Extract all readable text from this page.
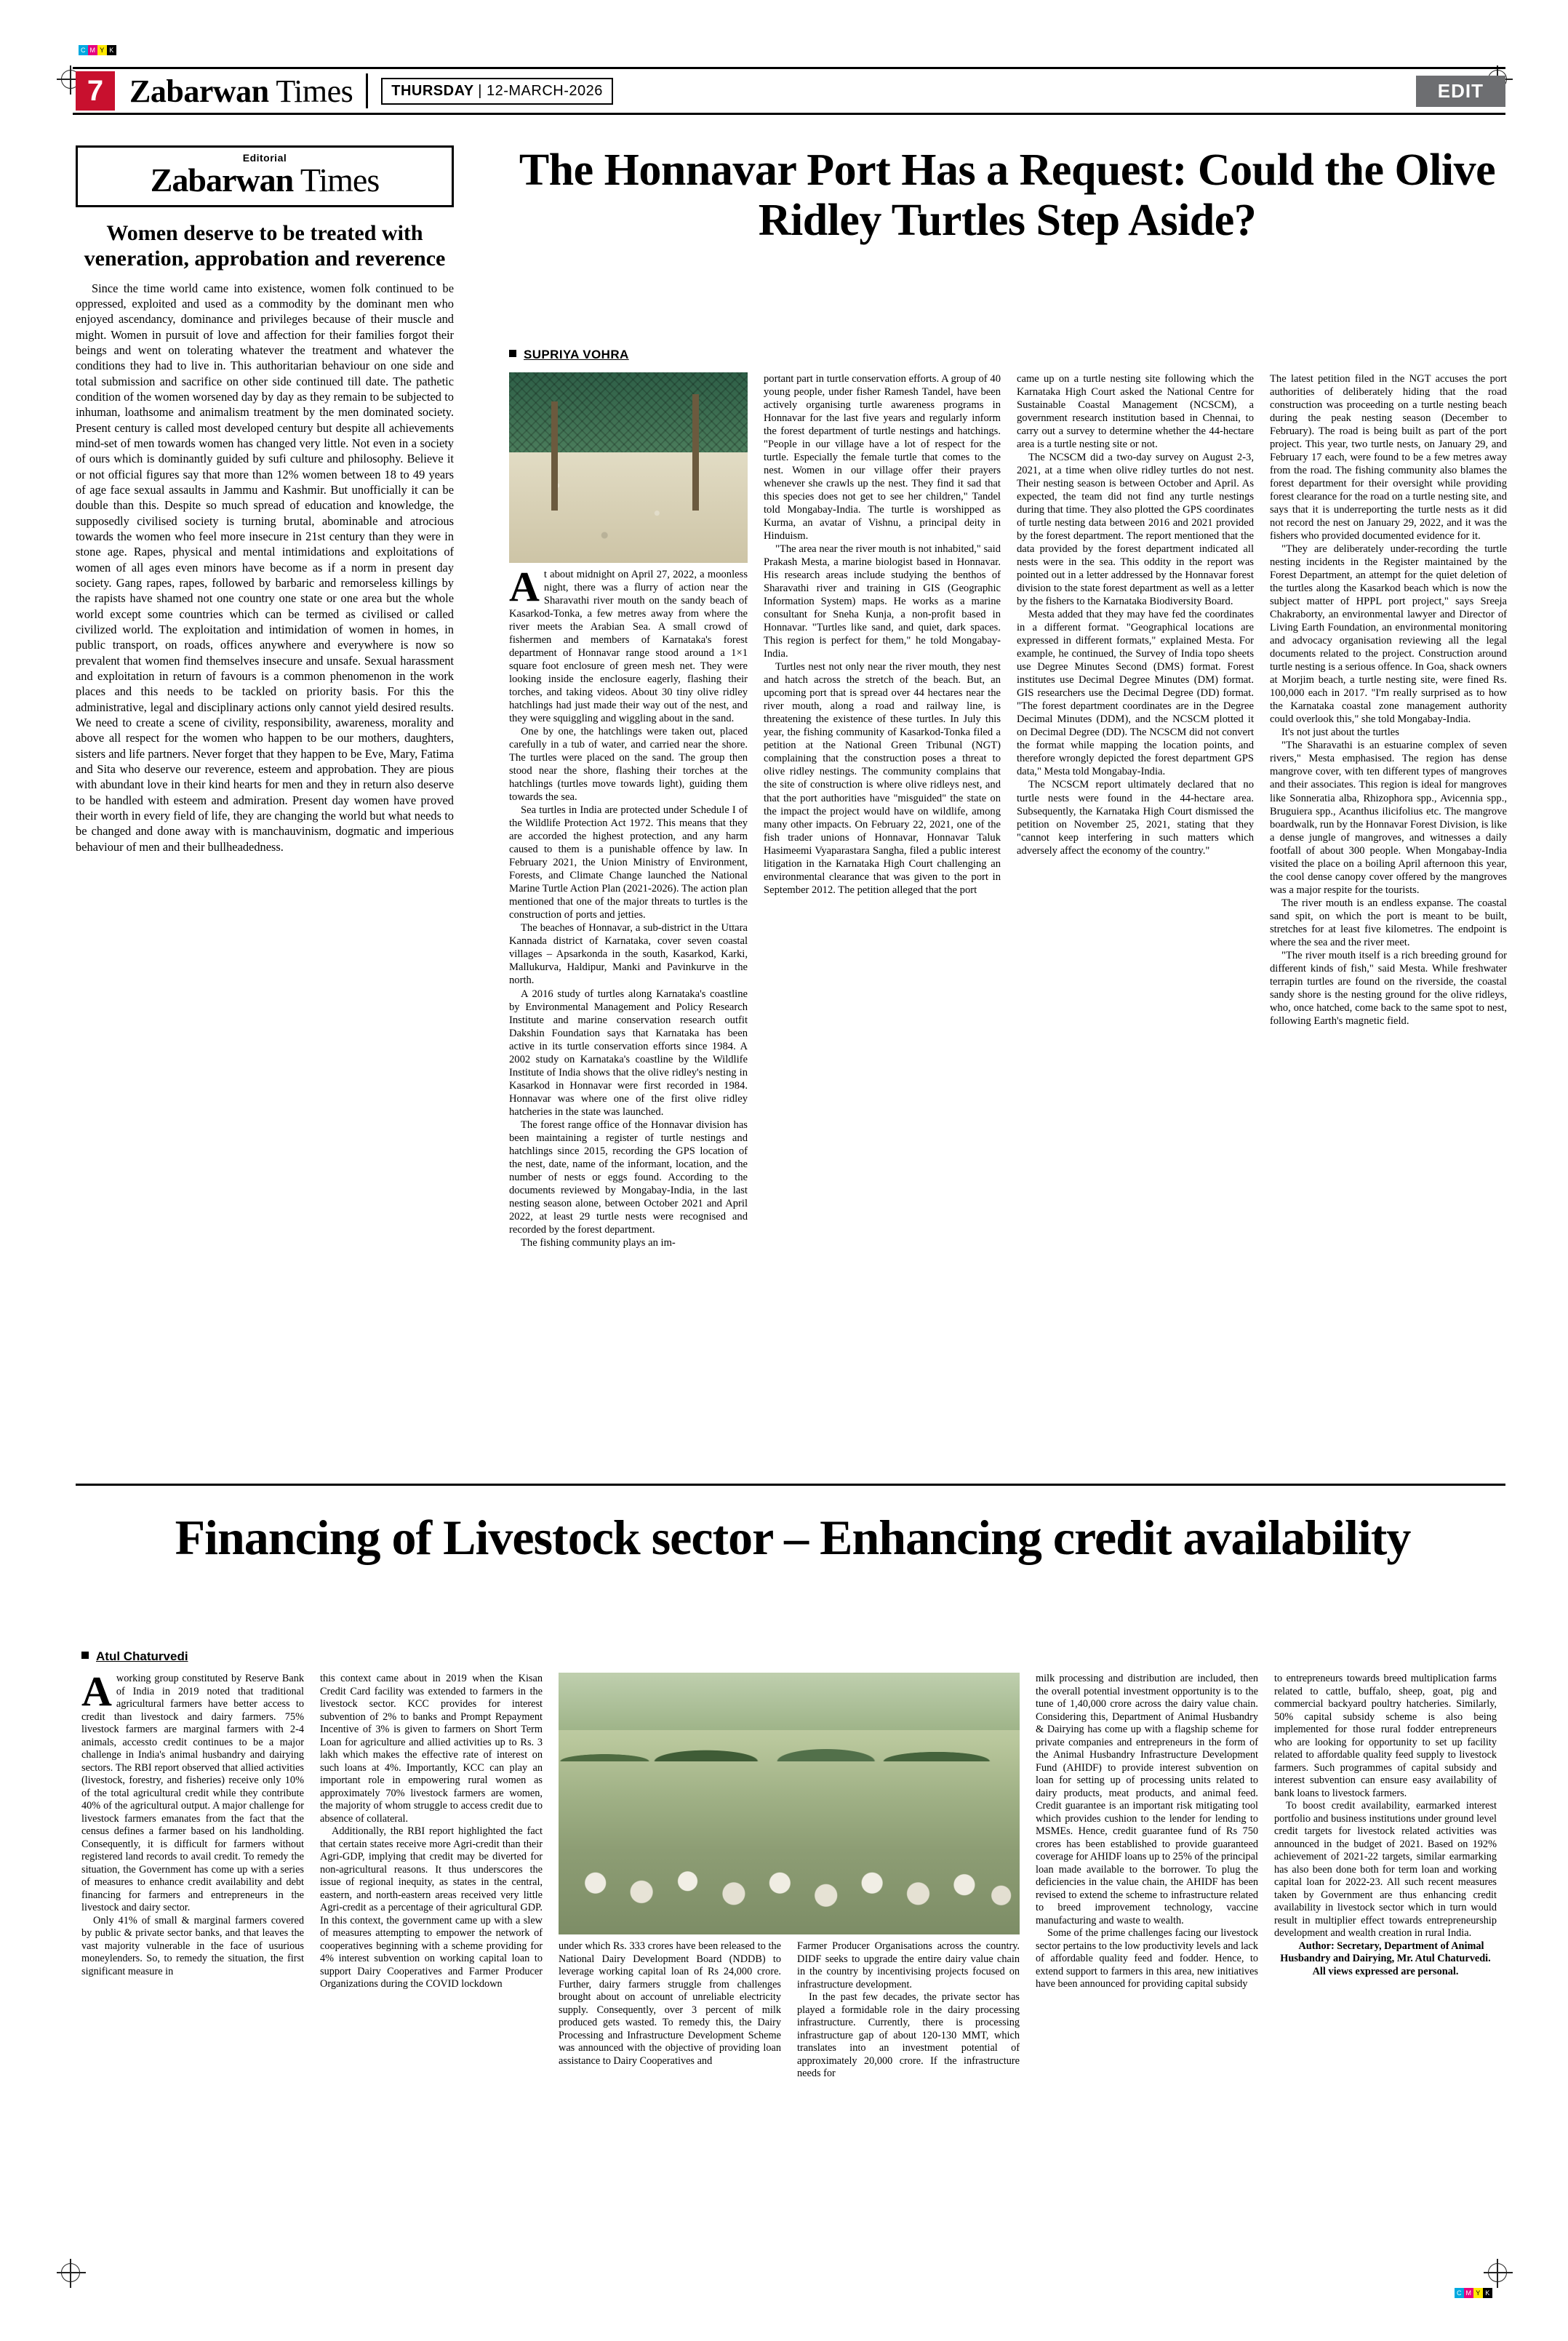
C M Y K
C M Y K
7 Zabarwan Times	THURSDAY | 12-MARCH-2026	EDIT
Editorial
Zabarwan Times
Women deserve to be treated with veneration, approbation and reverence

Since the time world came into existence, women folk continued to be oppressed, exploited and used as a commodity by the dominant men who enjoyed ascendancy, dominance and privileges because of their muscle and might. Women in pursuit of love and affection for their families forgot their beings and went on tolerating whatever the treatment and whatever the conditions they had to live in. This authoritarian behaviour on one side and total submission and sacrifice on other side continued till date. The pathetic condition of the women worsened day by day as they remain to be subjected to inhuman, loathsome and animalism treatment by the men dominated society. Present century is called most developed century but despite all achievements mind-set of men towards women has changed very little. Not even in a society of ours which is dominantly guided by sufi culture and philosophy. Believe it or not official figures say that more than 12% women between 18 to 49 years of age face sexual assaults in Jammu and Kashmir. But unofficially it can be double than this. Despite so much spread of education and knowledge, the supposedly civilised society is turning brutal, abominable and atrocious towards the women who feel more insecure in 21st century than they were in stone age. Rapes, physical and mental intimidations and exploitations of women of all ages even minors have become as if a norm in present day society. Gang rapes, rapes, followed by barbaric and remorseless killings by the rapists have shamed not one country one state or one area but the whole world except some countries which can be termed as civilised or called civilized world. The exploitation and intimidation of women in homes, in public transport, on roads, offices anywhere and everywhere is now so prevalent that women find themselves insecure and unsafe. Sexual harassment and exploitation in return of favours is a common phenomenon in the work places and this needs to be tackled on priority basis. For this the administrative, legal and disciplinary actions only cannot yield desired results. We need to create a scene of civility, responsibility, awareness, morality and above all respect for the women who happen to be our mothers, daughters, sisters and life partners. Never forget that they happen to be Eve, Mary, Fatima and Sita who deserve our reverence, esteem and approbation. They are pious with abundant love in their kind hearts for men and they in return also deserve to be handled with esteem and admiration. Present day women have proved their worth in every field of life, they are changing the world but what needs to be changed and done away with is manchauvinism, dogmatic and imperious behaviour of men and their bullheadedness.

The Honnavar Port Has a Request: Could the Olive Ridley Turtles Step Aside?
SUPRIYA VOHRA

At about midnight on April 27, 2022, a moonless night, there was a flurry of action near the Sharavathi river mouth on the sandy beach of Kasarkod-Tonka, a few metres away from where the river meets the Arabian Sea. A small crowd of fishermen and members of Karnataka's forest department of Honnavar range stood around a 1×1 square foot enclosure of green mesh net. They were looking inside the enclosure eagerly, flashing their torches, and taking videos. About 30 tiny olive ridley hatchlings had just made their way out of the nest, and they were squiggling and wiggling about in the sand.

One by one, the hatchlings were taken out, placed carefully in a tub of water, and carried near the shore. The turtles were placed on the sand. The group then stood near the shore, flashing their torches at the hatchlings (turtles move towards light), guiding them towards the sea.

Sea turtles in India are protected under Schedule I of the Wildlife Protection Act 1972. This means that they are accorded the highest protection, and any harm caused to them is a punishable offence by law. In February 2021, the Union Ministry of Environment, Forests, and Climate Change launched the National Marine Turtle Action Plan (2021-2026). The action plan mentioned that one of the major threats to turtles is the construction of ports and jetties.

The beaches of Honnavar, a sub-district in the Uttara Kannada district of Karnataka, cover seven coastal villages – Apsarkonda in the south, Kasarkod, Karki, Mallukurva, Haldipur, Manki and Pavinkurve in the north.

A 2016 study of turtles along Karnataka's coastline by Environmental Management and Policy Research Institute and marine conservation research outfit Dakshin Foundation says that Karnataka has been active in its turtle conservation efforts since 1984. A 2002 study on Karnataka's coastline by the Wildlife Institute of India shows that the olive ridley's nesting in Kasarkod in Honnavar were first recorded in 1984. Honnavar was where one of the first olive ridley hatcheries in the state was launched.

The forest range office of the Honnavar division has been maintaining a register of turtle nestings and hatchlings since 2015, recording the GPS location of the nest, date, name of the informant, location, and the number of nests or eggs found. According to the documents reviewed by Mongabay-India, in the last nesting season alone, between October 2021 and April 2022, at least 29 turtle nests were recognised and recorded by the forest department.

The fishing community plays an im-

portant part in turtle conservation efforts. A group of 40 young people, under fisher Ramesh Tandel, have been actively organising turtle awareness programs in Honnavar for the last five years and regularly inform the forest department of turtle nestings and hatchings. "People in our village have a lot of respect for the turtle. Especially the female turtle that comes to the nest. Women in our village offer their prayers whenever she crawls up the nest. They find it sad that this species does not get to see her children," Tandel told Mongabay-India. The turtle is worshipped as Kurma, an avatar of Vishnu, a principal deity in Hinduism.

"The area near the river mouth is not inhabited," said Prakash Mesta, a marine biologist based in Honnavar. His research areas include studying the benthos of Sharavathi river and training in GIS (Geographic Information System) maps. He works as a marine consultant for Sneha Kunja, a non-profit based in Honnavar. "Turtles like sand, and quiet, dark spaces. This region is perfect for them," he told Mongabay-India.

Turtles nest not only near the river mouth, they nest and hatch across the stretch of the beach. But, an upcoming port that is spread over 44 hectares near the river mouth, along a road and railway line, is threatening the existence of these turtles. In July this year, the fishing community of Kasarkod-Tonka filed a petition at the National Green Tribunal (NGT) complaining that the construction poses a threat to olive ridley nestings. The community complains that the site of construction is where olive ridleys nest, and that the port authorities have "misguided" the state on the impact the project would have on wildlife, among many other impacts. On February 22, 2021, one of the fish trader unions of Honnavar, Honnavar Taluk Hasimeemi Vyaparastara Sangha, filed a public interest litigation in the Karnataka High Court challenging an environmental clearance that was given to the port in September 2012. The petition alleged that the port

came up on a turtle nesting site following which the Karnataka High Court asked the National Centre for Sustainable Coastal Management (NCSCM), a government research institution based in Chennai, to carry out a survey to determine whether the 44-hectare area is a turtle nesting site or not.

The NCSCM did a two-day survey on August 2-3, 2021, at a time when olive ridley turtles do not nest. Their nesting season is between October and April. As expected, the team did not find any turtle nestings during that time. They also plotted the GPS coordinates of turtle nesting data between 2016 and 2021 provided by the forest department. The report mentioned that the data provided by the forest department indicated all nests were in the sea. This oddity in the report was pointed out in a letter addressed by the Honnavar forest division to the state forest department as well as a letter by the fishers to the Karnataka Biodiversity Board.

Mesta added that they may have fed the coordinates in a different format. "Geographical locations are expressed in different formats," explained Mesta. For example, he continued, the Survey of India topo sheets use Degree Minutes Second (DMS) format. Forest institutes use Decimal Degree Minutes (DM) format. GIS researchers use the Decimal Degree (DD) format. "The forest department coordinates are in the Degree Decimal Minutes (DDM), and the NCSCM plotted it on Decimal Degree (DD). The NCSCM did not convert the format while mapping the location points, and therefore wrongly depicted the forest department GPS data," Mesta told Mongabay-India.

The NCSCM report ultimately declared that no turtle nests were found in the 44-hectare area. Subsequently, the Karnataka High Court dismissed the petition on November 25, 2021, stating that they "cannot keep interfering in such matters which adversely affect the economy of the country."

The latest petition filed in the NGT accuses the port authorities of deliberately hiding that the road construction was proceeding on a turtle nesting beach during the peak nesting season (December to February). The road is being built as part of the port project. This year, two turtle nests, on January 29, and February 17 each, were found to be a few metres away from the road. The fishing community also blames the forest department for their oversight while providing forest clearance for the road on a turtle nesting site, and says that it is underreporting the turtle nests as it did not record the nest on January 29, 2022, and it was the fishers who provided documented evidence for it.

"They are deliberately under-recording the turtle nesting incidents in the Register maintained by the Forest Department, an attempt for the quiet deletion of the turtles along the Kasarkod beach which is now the subject matter of HPPL port project," says Sreeja Chakraborty, an environmental lawyer and Director of Living Earth Foundation, an environmental monitoring and advocacy organisation reviewing all the legal documents related to the project. Construction around turtle nesting is a serious offence. In Goa, shack owners at Morjim beach, a turtle nesting site, were fined Rs. 100,000 each in 2017. "I'm really surprised as to how the Karnataka coastal zone management authority could overlook this," she told Mongabay-India.

It's not just about the turtles

"The Sharavathi is an estuarine complex of seven rivers," Mesta emphasised. The region has dense mangrove cover, with ten different types of mangroves and their associates. This region is ideal for mangroves like Sonneratia alba, Rhizophora spp., Avicennia spp., Bruguiera spp., Acanthus ilicifolius etc. The mangrove boardwalk, run by the Honnavar Forest Division, is like a dense jungle of mangroves, and witnesses a daily footfall of about 300 people. When Mongabay-India visited the place on a boiling April afternoon this year, the cool dense canopy cover offered by the mangroves was a major respite for the tourists.

The river mouth is an endless expanse. The coastal sand spit, on which the port is meant to be built, stretches for at least five kilometres. The endpoint is where the sea and the river meet.

"The river mouth itself is a rich breeding ground for different kinds of fish," said Mesta. While freshwater terrapin turtles are found on the riverside, the coastal sandy shore is the nesting ground for the olive ridleys, who, once hatched, come back to the same spot to nest, following Earth's magnetic field.

Financing of Livestock sector – Enhancing credit availability
Atul Chaturvedi

Aworking group constituted by Reserve Bank of India in 2019 noted that traditional agricultural farmers have better access to credit than livestock and dairy farmers. 75% livestock farmers are marginal farmers with 2-4 animals, accessto credit continues to be a major challenge in India's animal husbandry and dairying sectors. The RBI report observed that allied activities (livestock, forestry, and fisheries) receive only 10% of the total agricultural credit while they contribute 40% of the agricultural output. A major challenge for livestock farmers emanates from the fact that the census defines a farmer based on his landholding. Consequently, it is difficult for farmers without registered land records to avail credit. To remedy the situation, the Government has come up with a series of measures to enhance credit availability and debt financing for farmers and entrepreneurs in the livestock and dairy sector.

Only 41% of small & marginal farmers covered by public & private sector banks, and that leaves the vast majority vulnerable in the face of usurious moneylenders. So, to remedy the situation, the first significant measure in

this context came about in 2019 when the Kisan Credit Card facility was extended to farmers in the livestock sector. KCC provides for interest subvention of 2% to banks and Prompt Repayment Incentive of 3% is given to farmers on Short Term Loan for agriculture and allied activities up to Rs. 3 lakh which makes the effective rate of interest on such loans at 4%. Importantly, KCC can play an important role in empowering rural women as approximately 70% livestock farmers are women, the majority of whom struggle to access credit due to absence of collateral.

Additionally, the RBI report highlighted the fact that certain states receive more Agri-credit than their Agri-GDP, implying that credit may be diverted for non-agricultural reasons. It thus underscores the issue of regional inequity, as states in the central, eastern, and north-eastern areas received very little Agri-credit as a percentage of their agricultural GDP. In this context, the government came up with a slew of measures attempting to empower the network of cooperatives beginning with a scheme providing for 4% interest subvention on working capital loan to support Dairy Cooperatives and Farmer Producer Organizations during the COVID lockdown

under which Rs. 333 crores have been released to the National Dairy Development Board (NDDB) to leverage working capital loan of Rs 24,000 crore. Further, dairy farmers struggle from challenges brought about on account of unreliable electricity supply. Consequently, over 3 percent of milk produced gets wasted. To remedy this, the Dairy Processing and Infrastructure Development Scheme was announced with the objective of providing loan assistance to Dairy Cooperatives and

Farmer Producer Organisations across the country. DIDF seeks to upgrade the entire dairy value chain in the country by incentivising projects focused on infrastructure development.

In the past few decades, the private sector has played a formidable role in the dairy processing infrastructure. Currently, there is processing infrastructure gap of about 120-130 MMT, which translates into an investment potential of approximately 20,000 crore. If the infrastructure needs for

milk processing and distribution are included, then the overall potential investment opportunity is to the tune of 1,40,000 crore across the dairy value chain. Considering this, Department of Animal Husbandry & Dairying has come up with a flagship scheme for private companies and entrepreneurs in the form of the Animal Husbandry Infrastructure Development Fund (AHIDF) to provide interest subvention on loan for setting up of processing units related to dairy products, meat products, and animal feed. Credit guarantee is an important risk mitigating tool which provides cushion to the lender for lending to MSMEs. Hence, credit guarantee fund of Rs 750 crores has been established to provide guaranteed coverage for AHIDF loans up to 25% of the principal loan made available to the borrower. To plug the deficiencies in the value chain, the AHIDF has been revised to extend the scheme to infrastructure related to breed improvement technology, vaccine manufacturing and waste to wealth.

Some of the prime challenges facing our livestock sector pertains to the low productivity levels and lack of affordable quality feed and fodder. Hence, to extend support to farmers in this area, new initiatives have been announced for providing capital subsidy

to entrepreneurs towards breed multiplication farms related to cattle, buffalo, sheep, goat, pig and commercial backyard poultry hatcheries. Similarly, 50% capital subsidy scheme is also being implemented for those rural fodder entrepreneurs who are looking for opportunity to set up facility related to affordable quality feed supply to livestock farmers. Such programmes of capital subsidy and interest subvention can ensure easy availability of bank loans to livestock farmers.

To boost credit availability, earmarked interest portfolio and business institutions under ground level credit targets for livestock related activities was announced in the budget of 2021. Based on 192% achievement of 2021-22 targets, similar earmarking has also been done both for term loan and working capital loan for 2022-23. All such recent measures taken by Government are thus enhancing credit availability in livestock sector which in turn would result in multiplier effect towards entrepreneurship development and wealth creation in rural India.

Author: Secretary, Department of Animal Husbandry and Dairying, Mr. Atul Chaturvedi. All views expressed are personal.
